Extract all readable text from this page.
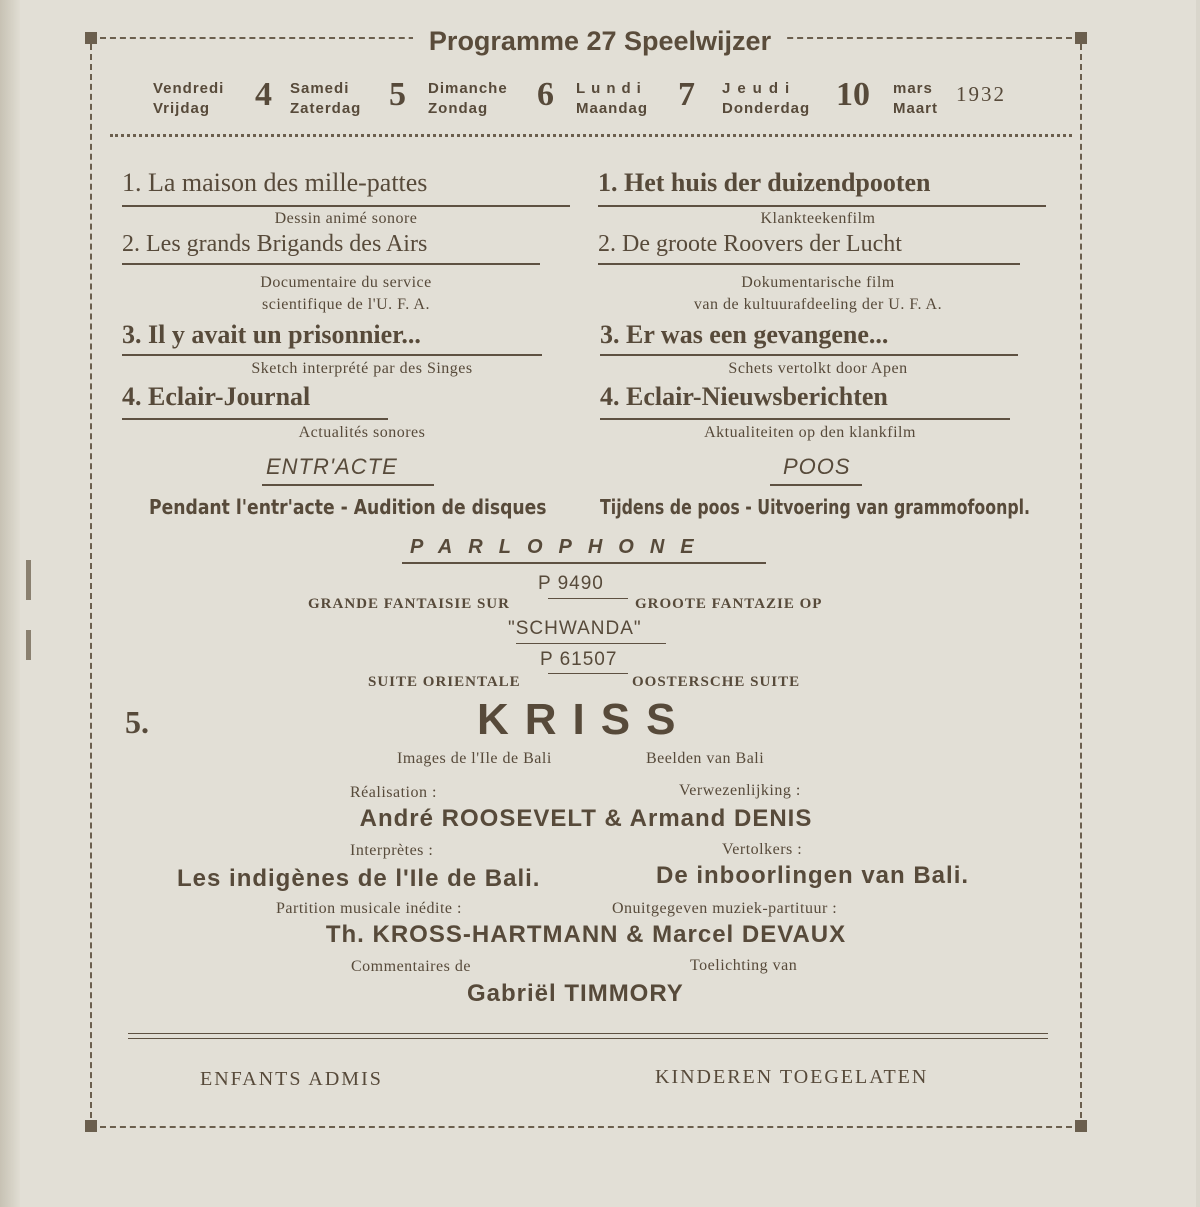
Programme 27 Speelwijzer
Vendredi
Vrijdag	4 Samedi
Zaterdag 5 Dimanche
Zondag	6 Lundi
Maandag 7 Jeudi
Donderdag 10 mars
Maart
1932
1. La maison des mille-pattes
Dessin animé sonore
2. Les grands Brigands des Airs
Documentaire du service
scientifique de l'U. F. A.
3. Il y avait un prisonnier...
Sketch interprété par des Singes
4. Eclair-Journal
Actualités sonores
ENTR'ACTE
Pendant l'entr'acte - Audition de disques
1. Het huis der duizendpooten
Klankteekenfilm
2. De groote Roovers der Lucht
Dokumentarische film
van de kultuurafdeeling der U. F. A.
3. Er was een gevangene...
Schets vertolkt door Apen
4. Eclair-Nieuwsberichten
Aktualiteiten op den klankfilm
POOS
Tijdens de poos - Uitvoering van grammofoonpl.
PARLOPHONE
P 9490
GRANDE FANTAISIE SUR	GROOTE FANTAZIE OP
"SCHWANDA"
P 61507
SUITE ORIENTALE	OOSTERSCHE SUITE
5.	KRISS
Images de l'Ile de Bali	Beelden van Bali
Réalisation :	Verwezenlijking :
André ROOSEVELT & Armand DENIS
Interprètes :	Vertolkers :
Les indigènes de l'Ile de Bali.	De inboorlingen van Bali.
Partition musicale inédite :	Onuitgegeven muziek-partituur :
Th. KROSS-HARTMANN & Marcel DEVAUX
Commentaires de	Toelichting van
Gabriël TIMMORY
ENFANTS ADMIS	KINDEREN TOEGELATEN
